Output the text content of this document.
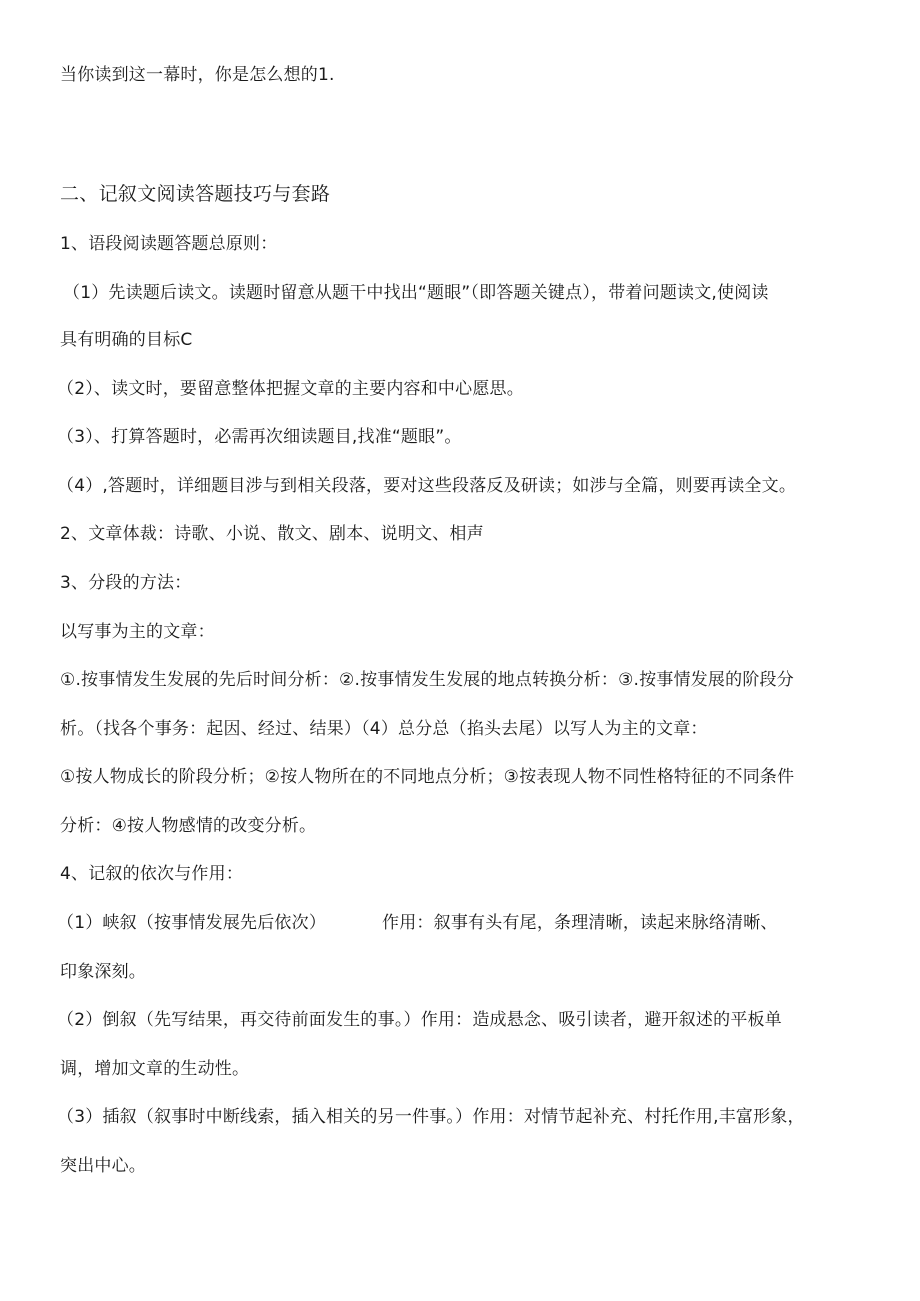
当你读到这一幕时，你是怎么想的1.
二、记叙文阅读答题技巧与套路
1、语段阅读题答题总原则：
（1）先读题后读文。读题时留意从题干中找出“题眼”（即答题关键点），带着问题读文,使阅读
具有明确的目标C
（2）、读文时，要留意整体把握文章的主要内容和中心愿思。
（3）、打算答题时，必需再次细读题目,找准“题眼”。
（4）,答题时，详细题目涉与到相关段落，要对这些段落反及研读；如涉与全篇，则要再读全文。
2、文章体裁：诗歌、小说、散文、剧本、说明文、相声
3、分段的方法：
以写事为主的文章：
①.按事情发生发展的先后时间分析：②.按事情发生发展的地点转换分析：③.按事情发展的阶段分
析。（找各个事务：起因、经过、结果）（4）总分总（掐头去尾）以写人为主的文章：
①按人物成长的阶段分析；②按人物所在的不同地点分析；③按表现人物不同性格特征的不同条件
分析：④按人物感情的改变分析。
4、记叙的依次与作用：
（1）峡叙（按事情发展先后依次）	作用：叙事有头有尾，条理清晰，读起来脉络清晰、
印象深刻。
（2）倒叙（先写结果，再交待前面发生的事。）作用：造成悬念、吸引读者，避开叙述的平板单
调，增加文章的生动性。
（3）插叙（叙事时中断线索，插入相关的另一件事。）作用：对情节起补充、村托作用,丰富形象，
突出中心。
